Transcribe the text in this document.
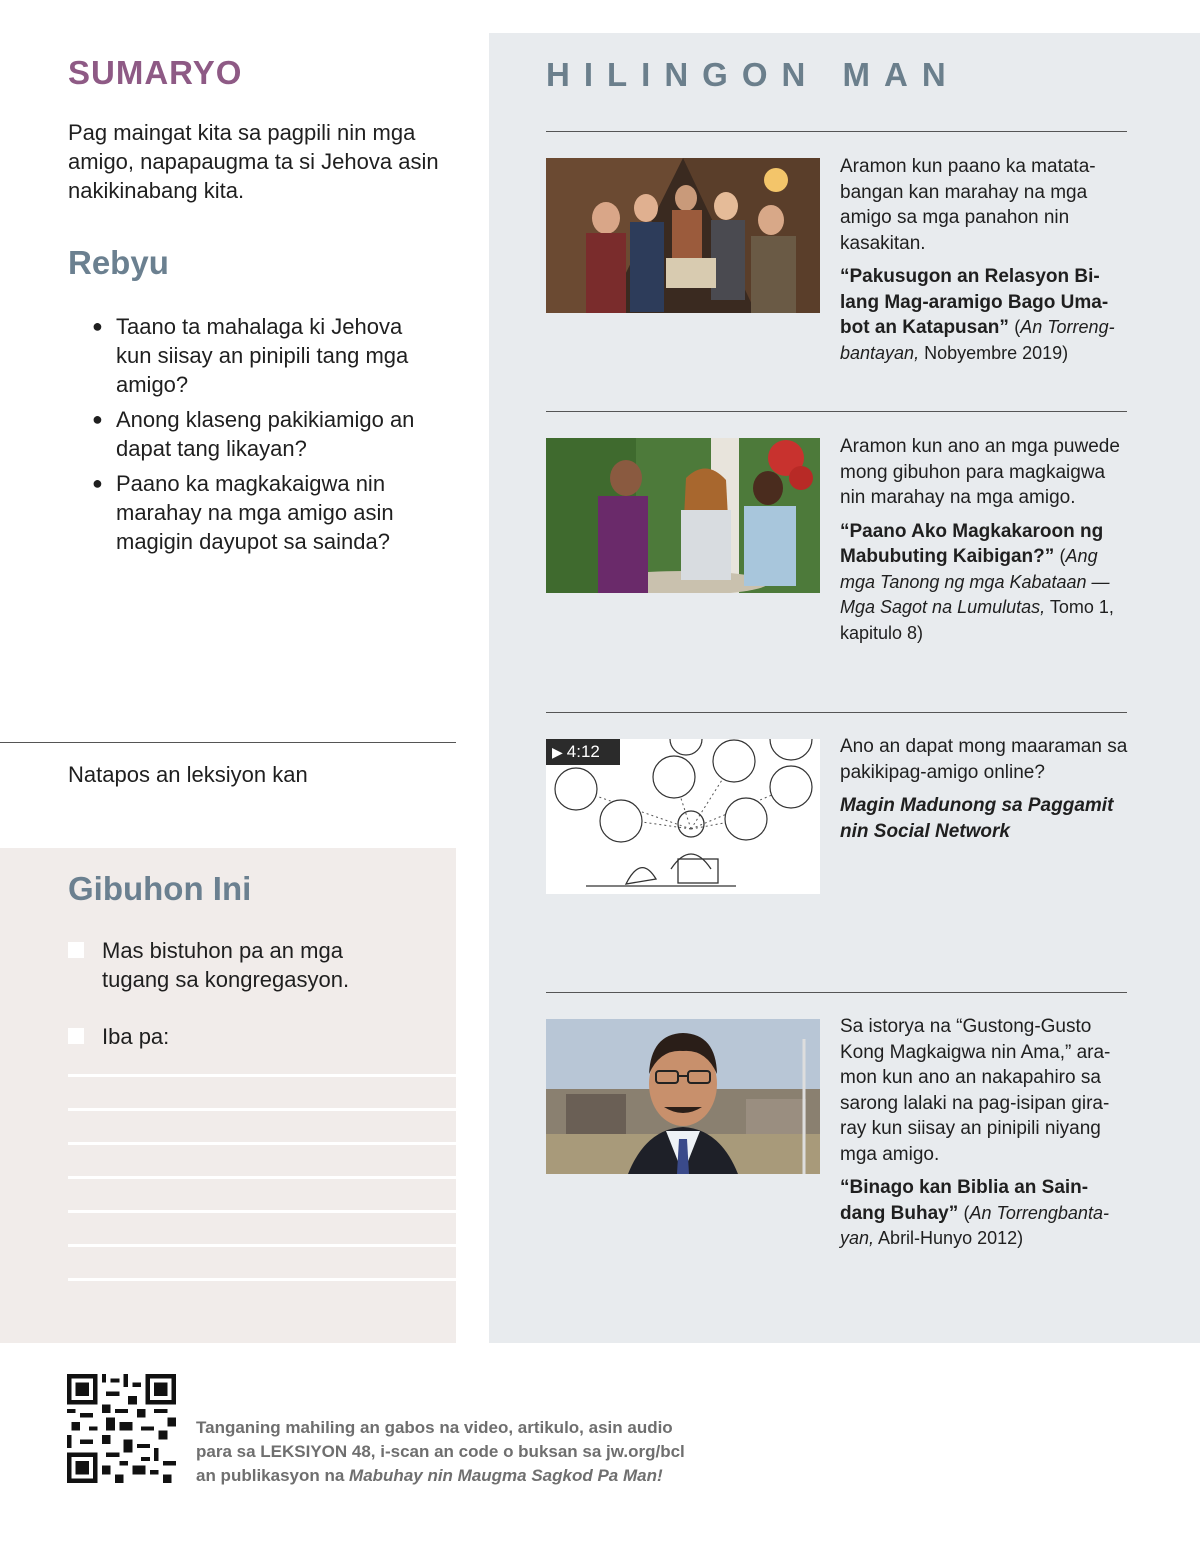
SUMARYO
Pag maingat kita sa pagpili nin mga amigo, napapaugma ta si Jehova asin nakikinabang kita.
Rebyu
● Taano ta mahalaga ki Jehova kun siisay an pinipili tang mga amigo?
● Anong klaseng pakikiamigo an dapat tang likayan?
● Paano ka magkakaigwa nin marahay na mga amigo asin magigin dayupot sa sainda?
Natapos an leksiyon kan
Gibuhon Ini
Mas bistuhon pa an mga tugang sa kongregasyon.
Iba pa:
HILINGON MAN
Aramon kun paano ka matata-bangan kan marahay na mga amigo sa mga panahon nin kasakitan.
“Pakusugon an Relasyon Bi-lang Mag-aramigo Bago Uma-bot an Katapusan” (An Torreng-bantayan, Nobyembre 2019)
Aramon kun ano an mga puwede mong gibuhon para magkaigwa nin marahay na mga amigo.
“Paano Ako Magkakaroon ng Mabubuting Kaibigan?” (Ang mga Tanong ng mga Kabataan —Mga Sagot na Lumulutas, Tomo 1, kapitulo 8)
▶ 4:12	Ano an dapat mong maaraman sa pakikipag-amigo online?
Magin Madunong sa Paggamit nin Social Network
Sa istorya na “Gustong-Gusto Kong Magkaigwa nin Ama,” ara-mon kun ano an nakapahiro sa sarong lalaki na pag-isipan gira-ray kun siisay an pinipili niyang mga amigo.
“Binago kan Biblia an Sain-dang Buhay” (An Torrengbanta-yan, Abril-Hunyo 2012)
Tanganing mahiling an gabos na video, artikulo, asin audio
para sa LEKSIYON 48, i-scan an code o buksan sa jw.org/bcl
an publikasyon na Mabuhay nin Maugma Sagkod Pa Man!
